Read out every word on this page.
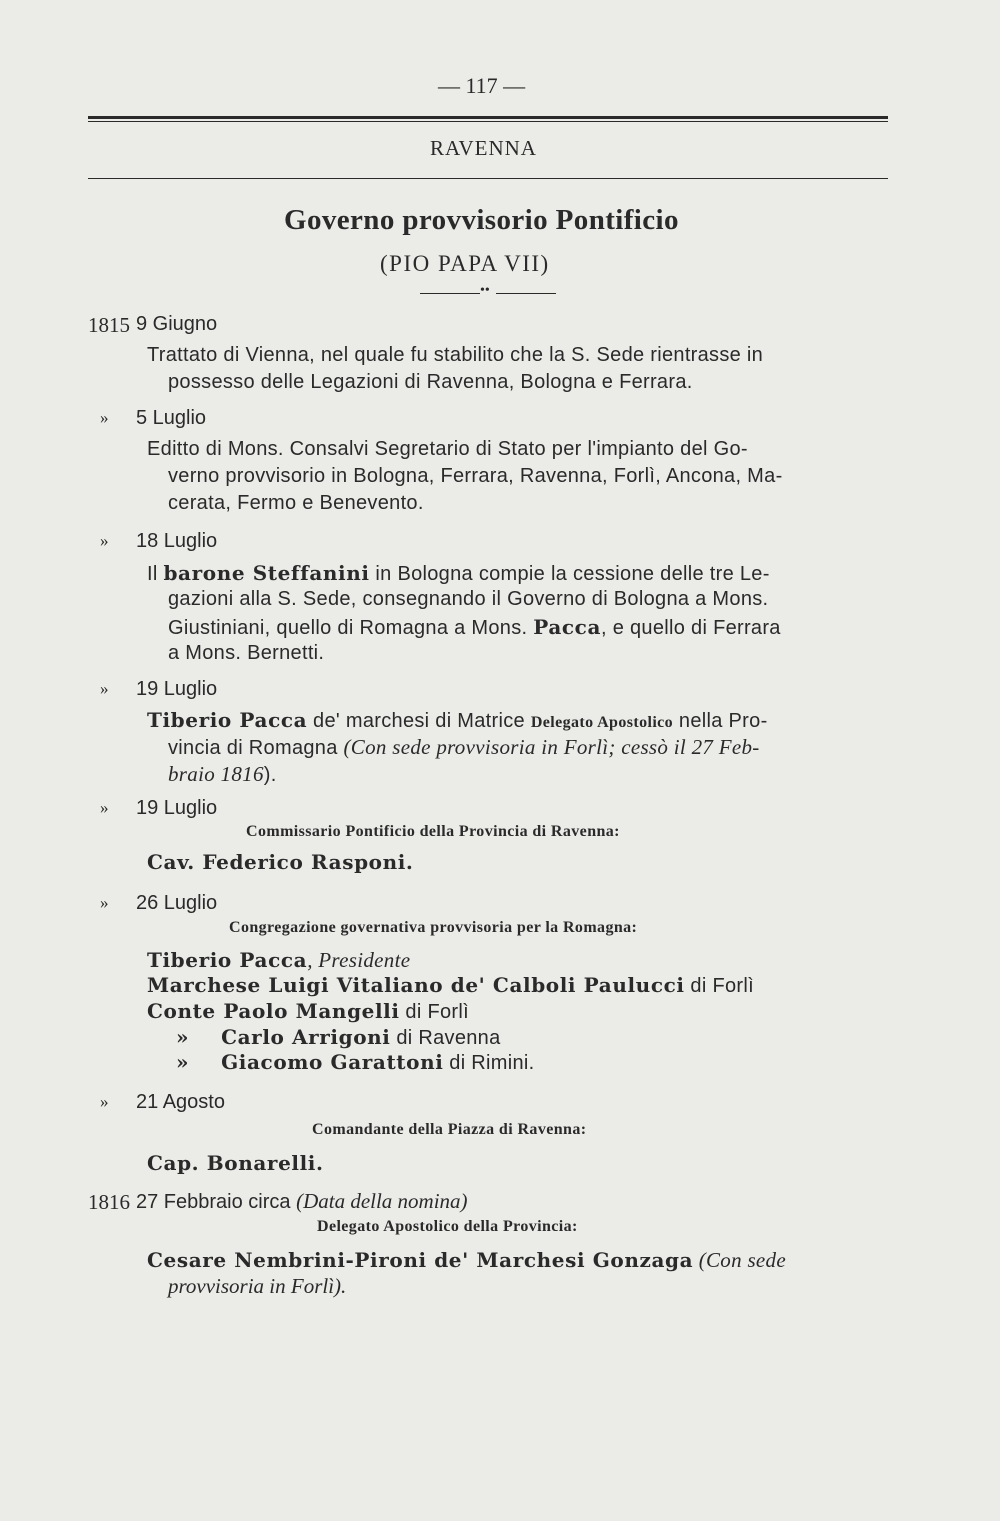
— 117 —
RAVENNA
Governo provvisorio Pontificio
(PIO PAPA VII)
••
1815 9 Giugno
Trattato di Vienna, nel quale fu stabilito che la S. Sede rientrasse in
possesso delle Legazioni di Ravenna, Bologna e Ferrara.
» 5 Luglio
Editto di Mons. Consalvi Segretario di Stato per l'impianto del Go-
verno provvisorio in Bologna, Ferrara, Ravenna, Forlì, Ancona, Ma-
cerata, Fermo e Benevento.
» 18 Luglio
Il barone Steffanini in Bologna compie la cessione delle tre Le-
gazioni alla S. Sede, consegnando il Governo di Bologna a Mons.
Giustiniani, quello di Romagna a Mons. Pacca, e quello di Ferrara
a Mons. Bernetti.
» 19 Luglio
Tiberio Pacca de' marchesi di Matrice Delegato Apostolico nella Pro-
vincia di Romagna (Con sede provvisoria in Forlì; cessò il 27 Feb-
braio 1816).
» 19 Luglio
Commissario Pontificio della Provincia di Ravenna:
Cav. Federico Rasponi.
» 26 Luglio
Congregazione governativa provvisoria per la Romagna:
Tiberio Pacca, Presidente
Marchese Luigi Vitaliano de' Calboli Paulucci di Forlì
Conte Paolo Mangelli di Forlì
» Carlo Arrigoni di Ravenna
» Giacomo Garattoni di Rimini.
» 21 Agosto
Comandante della Piazza di Ravenna:
Cap. Bonarelli.
1816 27 Febbraio circa (Data della nomina)
Delegato Apostolico della Provincia:
Cesare Nembrini-Pironi de' Marchesi Gonzaga (Con sede
provvisoria in Forlì).
